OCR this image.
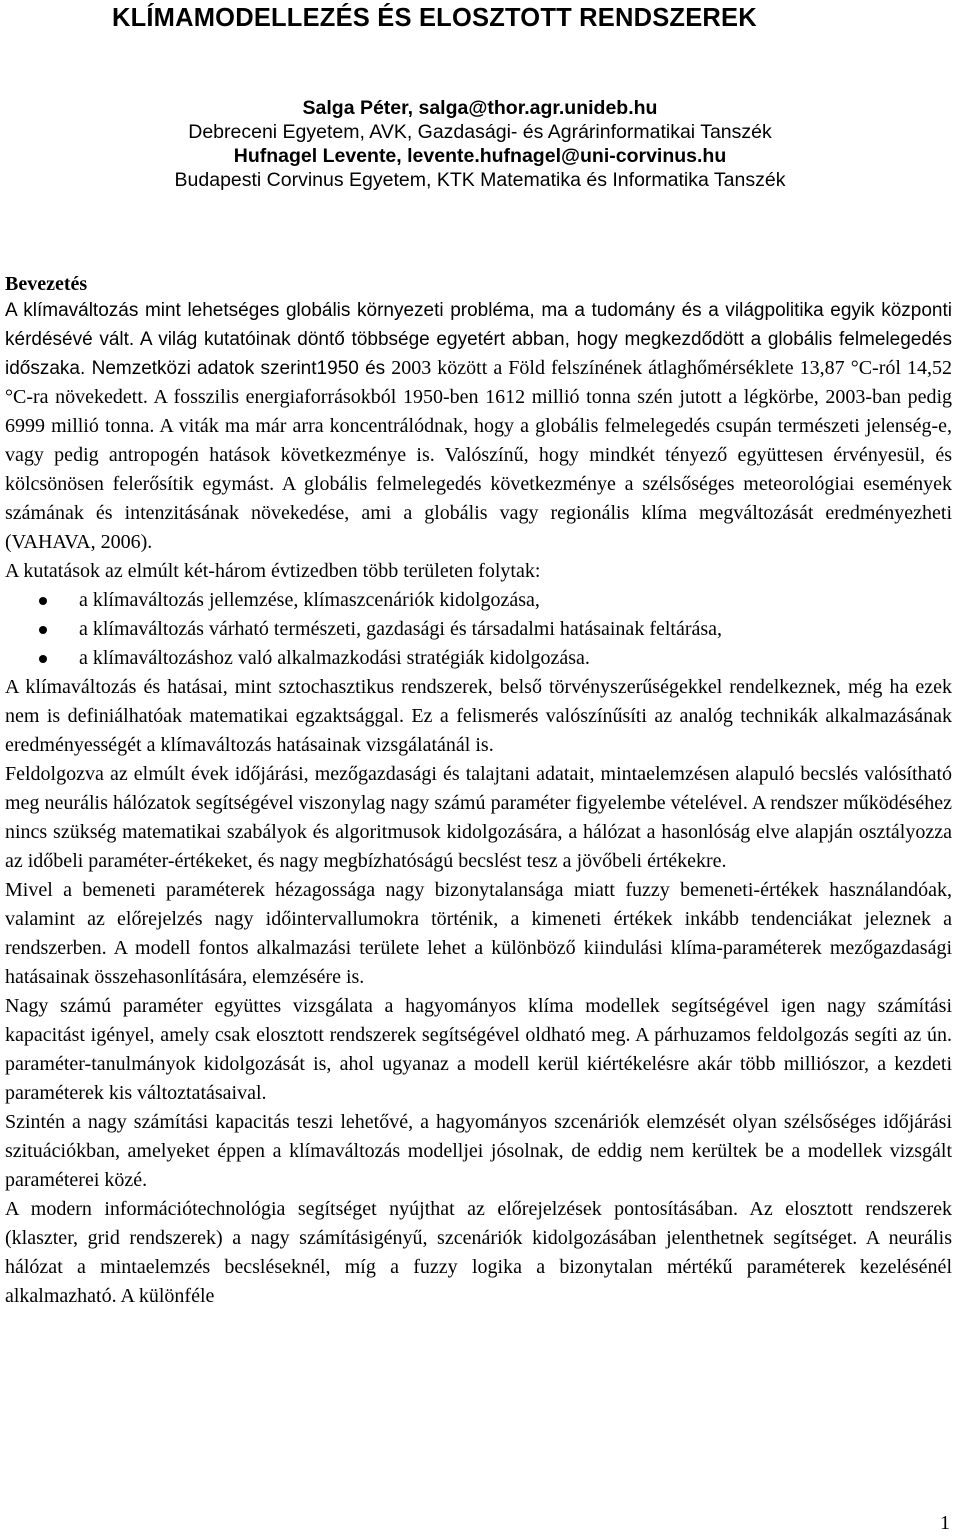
KLÍMAMODELLEZÉS ÉS ELOSZTOTT RENDSZEREK
Salga Péter, salga@thor.agr.unideb.hu
Debreceni Egyetem, AVK, Gazdasági- és Agrárinformatikai Tanszék
Hufnagel Levente, levente.hufnagel@uni-corvinus.hu
Budapesti Corvinus Egyetem, KTK Matematika és Informatika Tanszék
Bevezetés

A klímaváltozás mint lehetséges globális környezeti probléma, ma a tudomány és a világpolitika egyik központi kérdésévé vált. A világ kutatóinak döntő többsége egyetért abban, hogy megkezdődött a globális felmelegedés időszaka. Nemzetközi adatok szerint1950 és 2003 között a Föld felszínének átlaghőmérséklete 13,87 °C-ról 14,52 °C-ra növekedett. A fosszilis energiaforrásokból 1950-ben 1612 millió tonna szén jutott a légkörbe, 2003-ban pedig 6999 millió tonna. A viták ma már arra koncentrálódnak, hogy a globális felmelegedés csupán természeti jelenség-e, vagy pedig antropogén hatások következménye is. Valószínű, hogy mindkét tényező együttesen érvényesül, és kölcsönösen felerősítik egymást. A globális felmelegedés következménye a szélsőséges meteorológiai események számának és intenzitásának növekedése, ami a globális vagy regionális klíma megváltozását eredményezheti (VAHAVA, 2006).

A kutatások az elmúlt két-három évtizedben több területen folytak:

a klímaváltozás jellemzése, klímaszcenáriók kidolgozása,
a klímaváltozás várható természeti, gazdasági és társadalmi hatásainak feltárása,
a klímaváltozáshoz való alkalmazkodási stratégiák kidolgozása.

A klímaváltozás és hatásai, mint sztochasztikus rendszerek, belső törvényszerűségekkel rendelkeznek, még ha ezek nem is definiálhatóak matematikai egzaktsággal. Ez a felismerés valószínűsíti az analóg technikák alkalmazásának eredményességét a klímaváltozás hatásainak vizsgálatánál is.

Feldolgozva az elmúlt évek időjárási, mezőgazdasági és talajtani adatait, mintaelemzésen alapuló becslés valósítható meg neurális hálózatok segítségével viszonylag nagy számú paraméter figyelembe vételével. A rendszer működéséhez nincs szükség matematikai szabályok és algoritmusok kidolgozására, a hálózat a hasonlóság elve alapján osztályozza az időbeli paraméter-értékeket, és nagy megbízhatóságú becslést tesz a jövőbeli értékekre.

Mivel a bemeneti paraméterek hézagossága nagy bizonytalansága miatt fuzzy bemeneti-értékek használandóak, valamint az előrejelzés nagy időintervallumokra történik, a kimeneti értékek inkább tendenciákat jeleznek a rendszerben. A modell fontos alkalmazási területe lehet a különböző kiindulási klíma-paraméterek mezőgazdasági hatásainak összehasonlítására, elemzésére is.

Nagy számú paraméter együttes vizsgálata a hagyományos klíma modellek segítségével igen nagy számítási kapacitást igényel, amely csak elosztott rendszerek segítségével oldható meg. A párhuzamos feldolgozás segíti az ún. paraméter-tanulmányok kidolgozását is, ahol ugyanaz a modell kerül kiértékelésre akár több milliószor, a kezdeti paraméterek kis változtatásaival.

Szintén a nagy számítási kapacitás teszi lehetővé, a hagyományos szcenáriók elemzését olyan szélsőséges időjárási szituációkban, amelyeket éppen a klímaváltozás modelljei jósolnak, de eddig nem kerültek be a modellek vizsgált paraméterei közé.

A modern információtechnológia segítséget nyújthat az előrejelzések pontosításában. Az elosztott rendszerek (klaszter, grid rendszerek) a nagy számításigényű, szcenáriók kidolgozásában jelenthetnek segítséget. A neurális hálózat a mintaelemzés becsléseknél, míg a fuzzy logika a bizonytalan mértékű paraméterek kezelésénél alkalmazható. A különféle

1
